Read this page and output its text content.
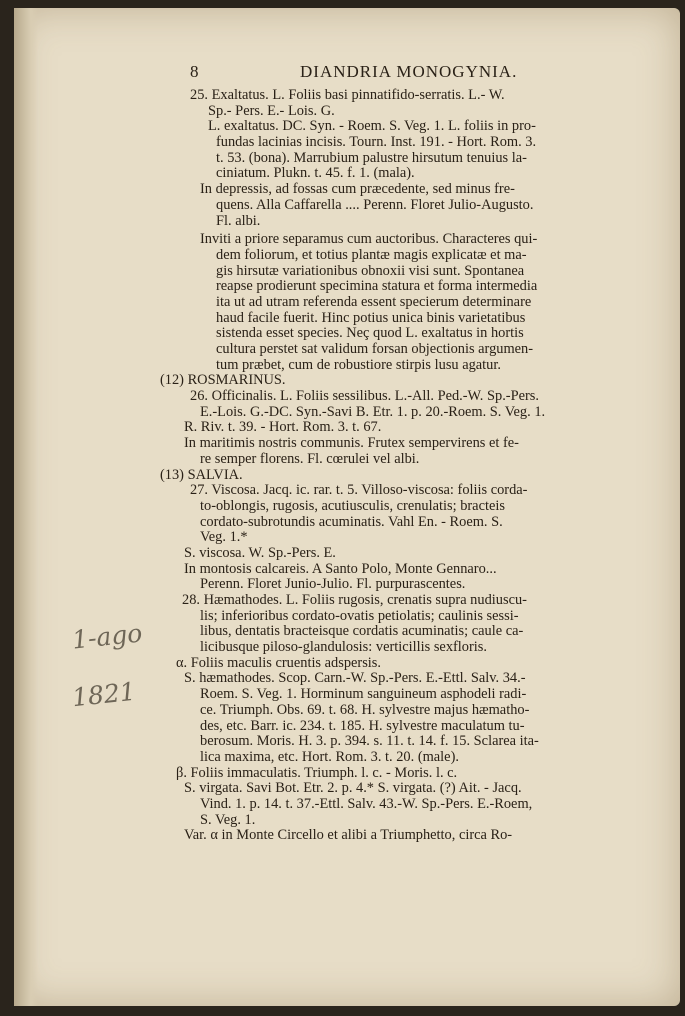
8	DIANDRIA MONOGYNIA.
1-ago
1821
25. Exaltatus. L. Foliis basi pinnatifido-serratis. L.- W.
Sp.- Pers. E.- Lois. G.
L. exaltatus. DC. Syn. - Roem. S. Veg. 1. L. foliis in pro-
fundas lacinias incisis. Tourn. Inst. 191. - Hort. Rom. 3.
t. 53. (bona). Marrubium palustre hirsutum tenuius la-
ciniatum. Plukn. t. 45. f. 1. (mala).
In depressis, ad fossas cum præcedente, sed minus fre-
quens. Alla Caffarella .... Perenn. Floret Julio-Augusto.
Fl. albi.
Inviti a priore separamus cum auctoribus. Characteres qui-
dem foliorum, et totius plantæ magis explicatæ et ma-
gis hirsutæ variationibus obnoxii visi sunt. Spontanea
reapse prodierunt specimina statura et forma intermedia
ita ut ad utram referenda essent specierum determinare
haud facile fuerit. Hinc potius unica binis varietatibus
sistenda esset species. Neç quod L. exaltatus in hortis
cultura perstet sat validum forsan objectionis argumen-
tum præbet, cum de robustiore stirpis lusu agatur.
(12) ROSMARINUS.
26. Officinalis. L. Foliis sessilibus. L.-All. Ped.-W. Sp.-Pers.
E.-Lois. G.-DC. Syn.-Savi B. Etr. 1. p. 20.-Roem. S. Veg. 1.
R. Riv. t. 39. - Hort. Rom. 3. t. 67.
In maritimis nostris communis. Frutex sempervirens et fe-
re semper florens. Fl. cœrulei vel albi.
(13) SALVIA.
27. Viscosa. Jacq. ic. rar. t. 5. Villoso-viscosa: foliis corda-
to-oblongis, rugosis, acutiusculis, crenulatis; bracteis
cordato-subrotundis acuminatis. Vahl En. - Roem. S.
Veg. 1.*
S. viscosa. W. Sp.-Pers. E.
In montosis calcareis. A Santo Polo, Monte Gennaro...
Perenn. Floret Junio-Julio. Fl. purpurascentes.
28. Hæmathodes. L. Foliis rugosis, crenatis supra nudiuscu-
lis; inferioribus cordato-ovatis petiolatis; caulinis sessi-
libus, dentatis bracteisque cordatis acuminatis; caule ca-
licibusque piloso-glandulosis: verticillis sexfloris.
α. Foliis maculis cruentis adspersis.
S. hæmathodes. Scop. Carn.-W. Sp.-Pers. E.-Ettl. Salv. 34.-
Roem. S. Veg. 1. Horminum sanguineum asphodeli radi-
ce. Triumph. Obs. 69. t. 68. H. sylvestre majus hæmatho-
des, etc. Barr. ic. 234. t. 185. H. sylvestre maculatum tu-
berosum. Moris. H. 3. p. 394. s. 11. t. 14. f. 15. Sclarea ita-
lica maxima, etc. Hort. Rom. 3. t. 20. (male).
β. Foliis immaculatis. Triumph. l. c. - Moris. l. c.
S. virgata. Savi Bot. Etr. 2. p. 4.* S. virgata. (?) Ait. - Jacq.
Vind. 1. p. 14. t. 37.-Ettl. Salv. 43.-W. Sp.-Pers. E.-Roem,
S. Veg. 1.
Var. α in Monte Circello et alibi a Triumphetto, circa Ro-
